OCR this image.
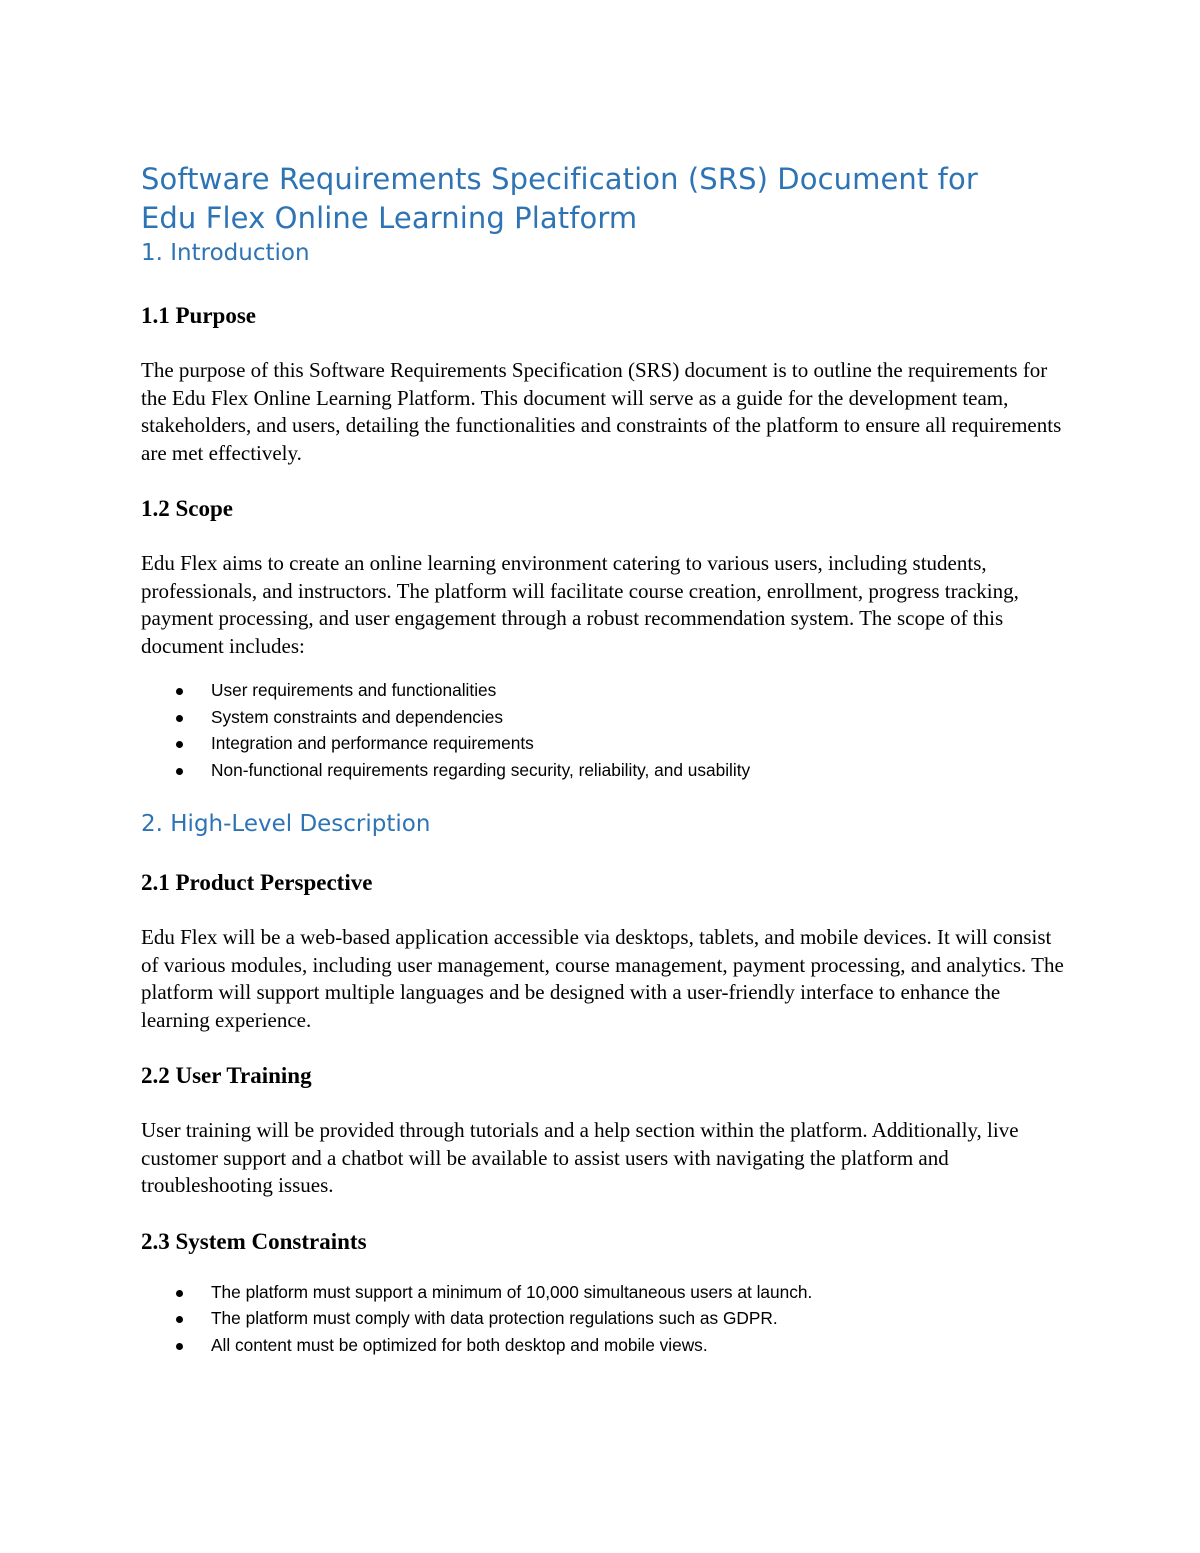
Software Requirements Specification (SRS) Document for
Edu Flex Online Learning Platform
1. Introduction
1.1 Purpose

The purpose of this Software Requirements Specification (SRS) document is to outline the requirements for the Edu Flex Online Learning Platform. This document will serve as a guide for the development team, stakeholders, and users, detailing the functionalities and constraints of the platform to ensure all requirements are met effectively.

1.2 Scope

Edu Flex aims to create an online learning environment catering to various users, including students, professionals, and instructors. The platform will facilitate course creation, enrollment, progress tracking, payment processing, and user engagement through a robust recommendation system. The scope of this document includes:

User requirements and functionalities
System constraints and dependencies
Integration and performance requirements
Non-functional requirements regarding security, reliability, and usability
2. High-Level Description
2.1 Product Perspective

Edu Flex will be a web-based application accessible via desktops, tablets, and mobile devices. It will consist of various modules, including user management, course management, payment processing, and analytics. The platform will support multiple languages and be designed with a user-friendly interface to enhance the learning experience.

2.2 User Training

User training will be provided through tutorials and a help section within the platform. Additionally, live customer support and a chatbot will be available to assist users with navigating the platform and troubleshooting issues.

2.3 System Constraints
The platform must support a minimum of 10,000 simultaneous users at launch.
The platform must comply with data protection regulations such as GDPR.
All content must be optimized for both desktop and mobile views.
